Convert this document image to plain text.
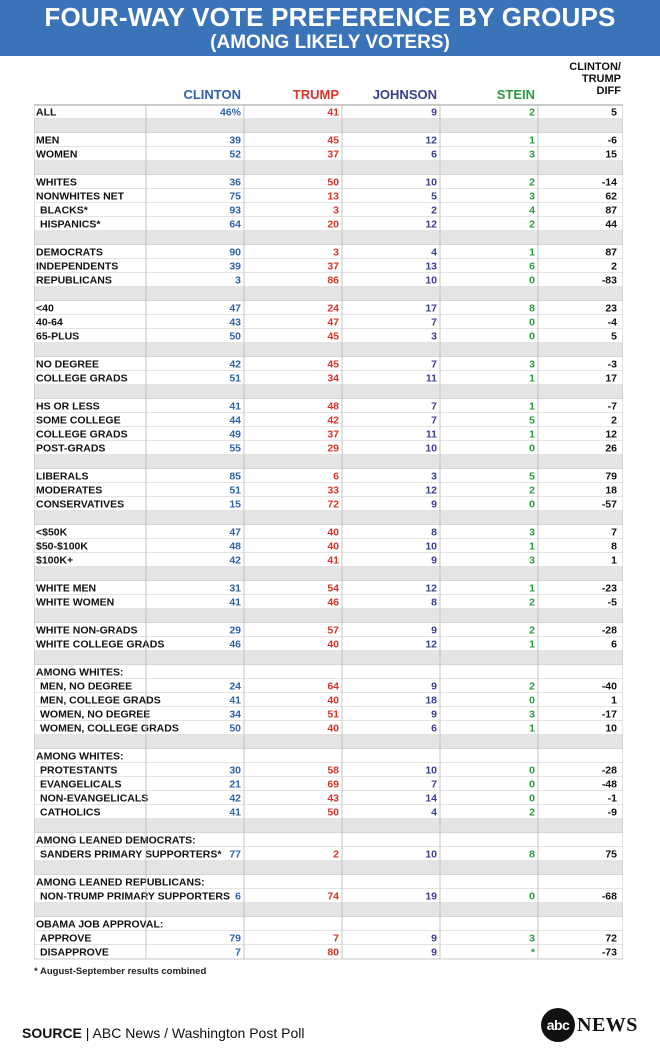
FOUR-WAY VOTE PREFERENCE BY GROUPS
(AMONG LIKELY VOTERS)
CLINTON	TRUMP	JOHNSON	STEIN
CLINTON/
TRUMP
DIFF
ALL	46%	41	9	2	5
MEN	39	45	12	1	-6
WOMEN	52	37	6	3	15
WHITES	36	50	10	2	-14
NONWHITES NET	75	13	5	3	62
BLACKS*	93	3	2	4	87
HISPANICS*	64	20	12	2	44
DEMOCRATS	90	3	4	1	87
INDEPENDENTS	39	37	13	6	2
REPUBLICANS	3	86	10	0	-83
<40	47	24	17	8	23
40-64	43	47	7	0	-4
65-PLUS	50	45	3	0	5
NO DEGREE	42	45	7	3	-3
COLLEGE GRADS	51	34	11	1	17
HS OR LESS	41	48	7	1	-7
SOME COLLEGE	44	42	7	5	2
COLLEGE GRADS	49	37	11	1	12
POST-GRADS	55	29	10	0	26
LIBERALS	85	6	3	5	79
MODERATES	51	33	12	2	18
CONSERVATIVES	15	72	9	0	-57
<$50K	47	40	8	3	7
$50-$100K	48	40	10	1	8
$100K+	42	41	9	3	1
WHITE MEN	31	54	12	1	-23
WHITE WOMEN	41	46	8	2	-5
WHITE NON-GRADS	29	57	9	2	-28
WHITE COLLEGE GRADS	46	40	12	1	6
AMONG WHITES:
MEN, NO DEGREE	24	64	9	2	-40
MEN, COLLEGE GRADS	41	40	18	0	1
WOMEN, NO DEGREE	34	51	9	3	-17
WOMEN, COLLEGE GRADS	50	40	6	1	10
AMONG WHITES:
PROTESTANTS	30	58	10	0	-28
EVANGELICALS	21	69	7	0	-48
NON-EVANGELICALS	42	43	14	0	-1
CATHOLICS	41	50	4	2	-9
AMONG LEANED DEMOCRATS:
SANDERS PRIMARY SUPPORTERS* 77	2	10	8	75
AMONG LEANED REPUBLICANS:
NON-TRUMP PRIMARY SUPPORTERS 6	74	19	0	-68
OBAMA JOB APPROVAL:
APPROVE	79	7	9	3	72
DISAPPROVE	7	80	9	*	-73
* August-September results combined
SOURCE | ABC News / Washington Post Poll	abc NEWS
